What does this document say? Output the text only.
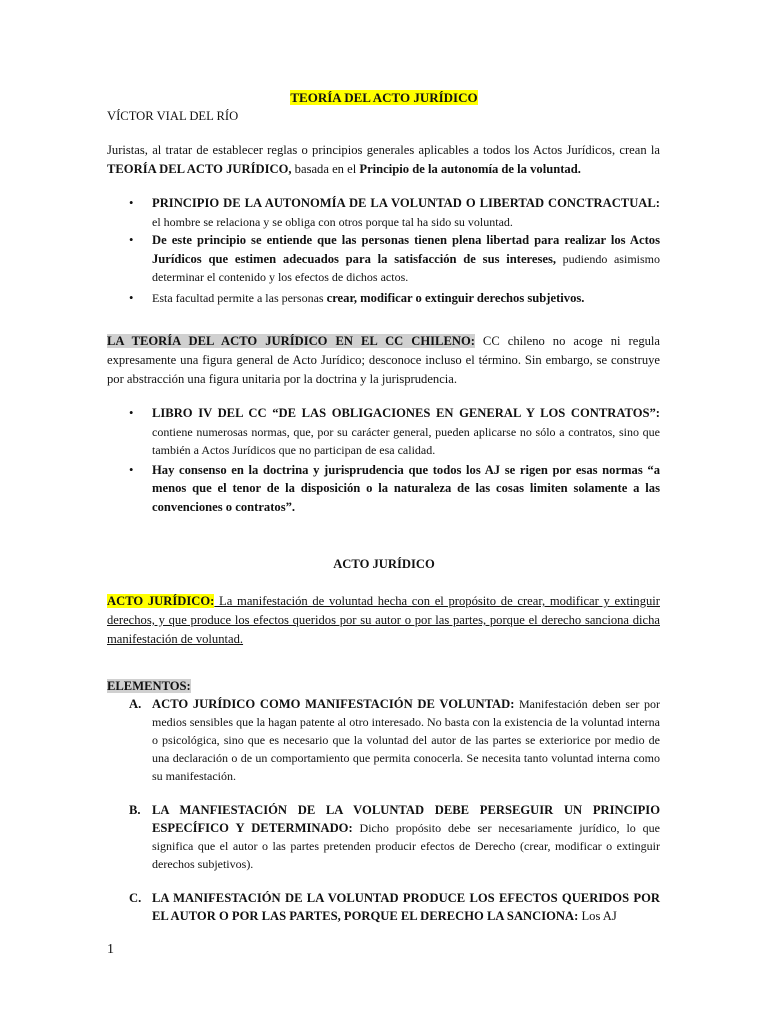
TEORÍA DEL ACTO JURÍDICO
VÍCTOR VIAL DEL RÍO
Juristas, al tratar de establecer reglas o principios generales aplicables a todos los Actos Jurídicos, crean la TEORÍA DEL ACTO JURÍDICO, basada en el Principio de la autonomía de la voluntad.
• PRINCIPIO DE LA AUTONOMÍA DE LA VOLUNTAD O LIBERTAD CONCTRACTUAL: el hombre se relaciona y se obliga con otros porque tal ha sido su voluntad.
• De este principio se entiende que las personas tienen plena libertad para realizar los Actos Jurídicos que estimen adecuados para la satisfacción de sus intereses, pudiendo asimismo determinar el contenido y los efectos de dichos actos.
• Esta facultad permite a las personas crear, modificar o extinguir derechos subjetivos.
LA TEORÍA DEL ACTO JURÍDICO EN EL CC CHILENO: CC chileno no acoge ni regula expresamente una figura general de Acto Jurídico; desconoce incluso el término. Sin embargo, se construye por abstracción una figura unitaria por la doctrina y la jurisprudencia.
• LIBRO IV DEL CC “DE LAS OBLIGACIONES EN GENERAL Y LOS CONTRATOS”: contiene numerosas normas, que, por su carácter general, pueden aplicarse no sólo a contratos, sino que también a Actos Jurídicos que no participan de esa calidad.
• Hay consenso en la doctrina y jurisprudencia que todos los AJ se rigen por esas normas “a menos que el tenor de la disposición o la naturaleza de las cosas limiten solamente a las convenciones o contratos”.
ACTO JURÍDICO
ACTO JURÍDICO: La manifestación de voluntad hecha con el propósito de crear, modificar y extinguir derechos, y que produce los efectos queridos por su autor o por las partes, porque el derecho sanciona dicha manifestación de voluntad.
ELEMENTOS:
A. ACTO JURÍDICO COMO MANIFESTACIÓN DE VOLUNTAD: Manifestación deben ser por medios sensibles que la hagan patente al otro interesado. No basta con la existencia de la voluntad interna o psicológica, sino que es necesario que la voluntad del autor de las partes se exteriorice por medio de una declaración o de un comportamiento que permita conocerla. Se necesita tanto voluntad interna como su manifestación.
B. LA MANFIESTACIÓN DE LA VOLUNTAD DEBE PERSEGUIR UN PRINCIPIO ESPECÍFICO Y DETERMINADO: Dicho propósito debe ser necesariamente jurídico, lo que significa que el autor o las partes pretenden producir efectos de Derecho (crear, modificar o extinguir derechos subjetivos).
C. LA MANIFESTACIÓN DE LA VOLUNTAD PRODUCE LOS EFECTOS QUERIDOS POR EL AUTOR O POR LAS PARTES, PORQUE EL DERECHO LA SANCIONA: Los AJ
1
